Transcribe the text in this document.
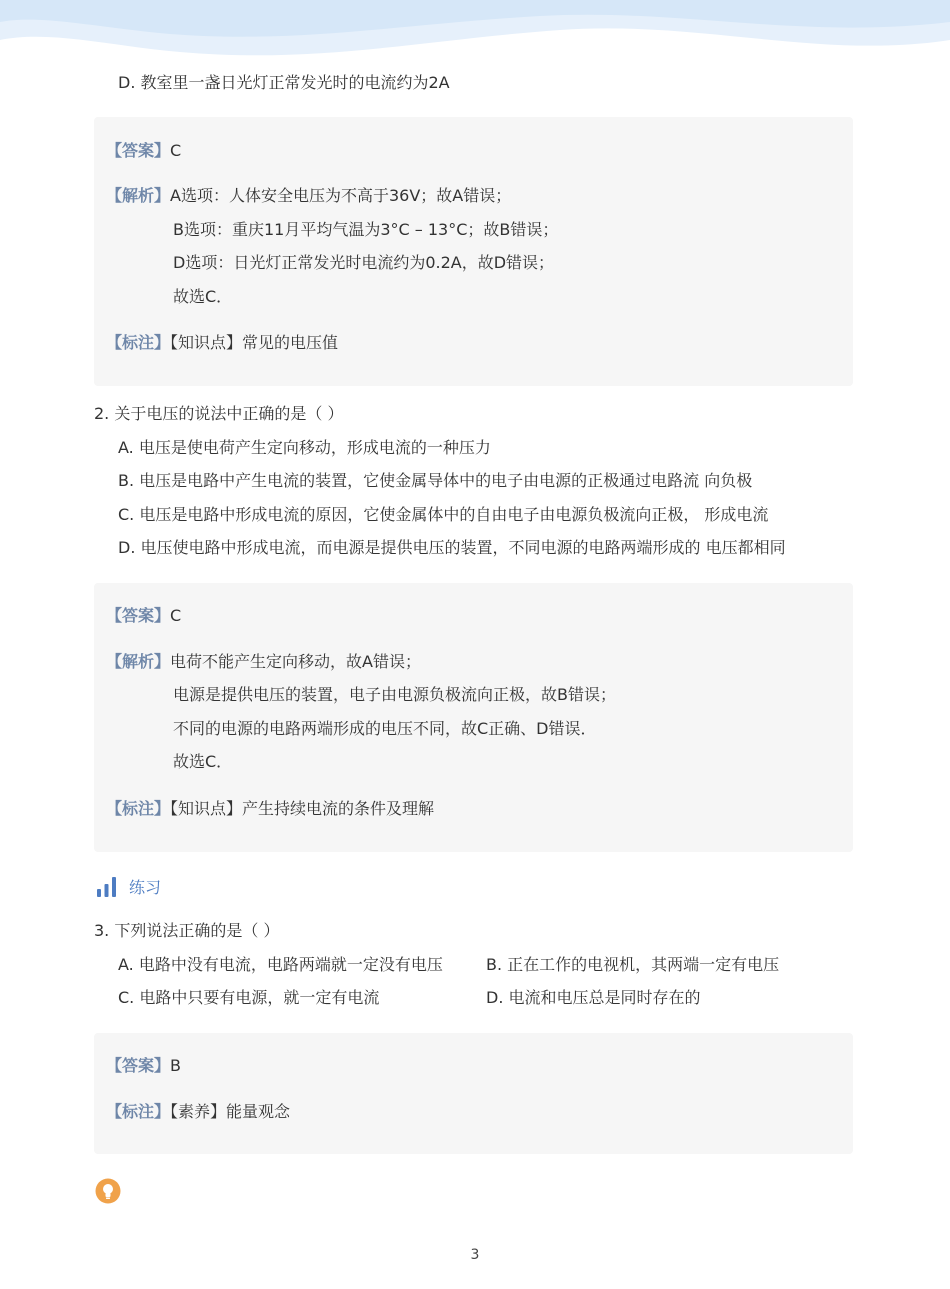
D. 教室里一盏日光灯正常发光时的电流约为2A
【答案】C
【解析】A选项：人体安全电压为不高于36V；故A错误；
B选项：重庆11月平均气温为3°C – 13°C；故B错误；
D选项：日光灯正常发光时电流约为0.2A，故D错误；
故选C．
【标注】【知识点】常见的电压值
2. 关于电压的说法中正确的是（ ）
A. 电压是使电荷产生定向移动，形成电流的一种压力
B. 电压是电路中产生电流的装置，它使金属导体中的电子由电源的正极通过电路流 向负极
C. 电压是电路中形成电流的原因，它使金属体中的自由电子由电源负极流向正极， 形成电流
D. 电压使电路中形成电流，而电源是提供电压的装置，不同电源的电路两端形成的 电压都相同
【答案】C
【解析】电荷不能产生定向移动，故A错误；
电源是提供电压的装置，电子由电源负极流向正极，故B错误；
不同的电源的电路两端形成的电压不同，故C正确、D错误．
故选C．
【标注】【知识点】产生持续电流的条件及理解
练习
3. 下列说法正确的是（ ）
A. 电路中没有电流，电路两端就一定没有电压	B. 正在工作的电视机，其两端一定有电压
C. 电路中只要有电源，就一定有电流	D. 电流和电压总是同时存在的
【答案】B
【标注】【素养】能量观念
3
